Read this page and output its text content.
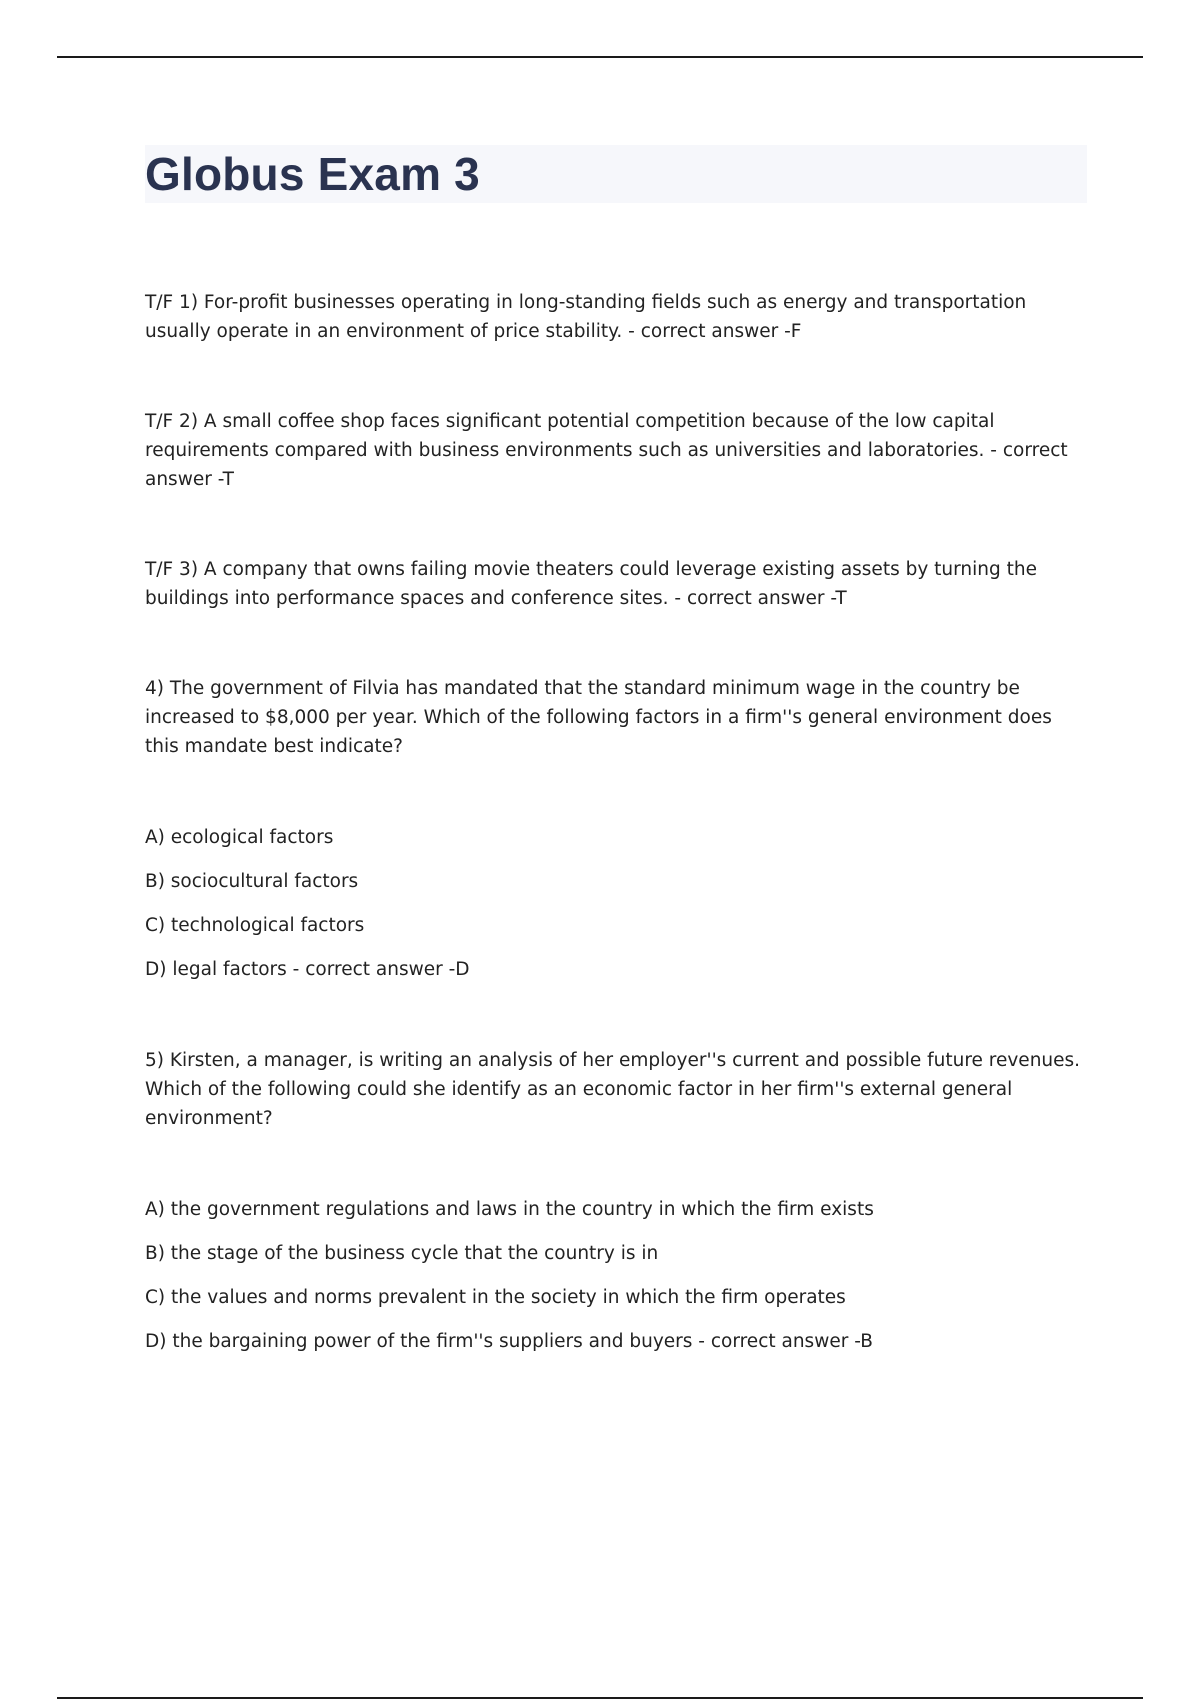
Globus Exam 3

T/F 1) For-profit businesses operating in long-standing fields such as energy and transportation usually operate in an environment of price stability. - correct answer -F

T/F 2) A small coffee shop faces significant potential competition because of the low capital requirements compared with business environments such as universities and laboratories. - correct answer -T

T/F 3) A company that owns failing movie theaters could leverage existing assets by turning the buildings into performance spaces and conference sites. - correct answer -T

4) The government of Filvia has mandated that the standard minimum wage in the country be increased to $8,000 per year. Which of the following factors in a firm''s general environment does this mandate best indicate?

A) ecological factors
B) sociocultural factors
C) technological factors
D) legal factors - correct answer -D

5) Kirsten, a manager, is writing an analysis of her employer''s current and possible future revenues. Which of the following could she identify as an economic factor in her firm''s external general environment?

A) the government regulations and laws in the country in which the firm exists
B) the stage of the business cycle that the country is in
C) the values and norms prevalent in the society in which the firm operates
D) the bargaining power of the firm''s suppliers and buyers - correct answer -B
